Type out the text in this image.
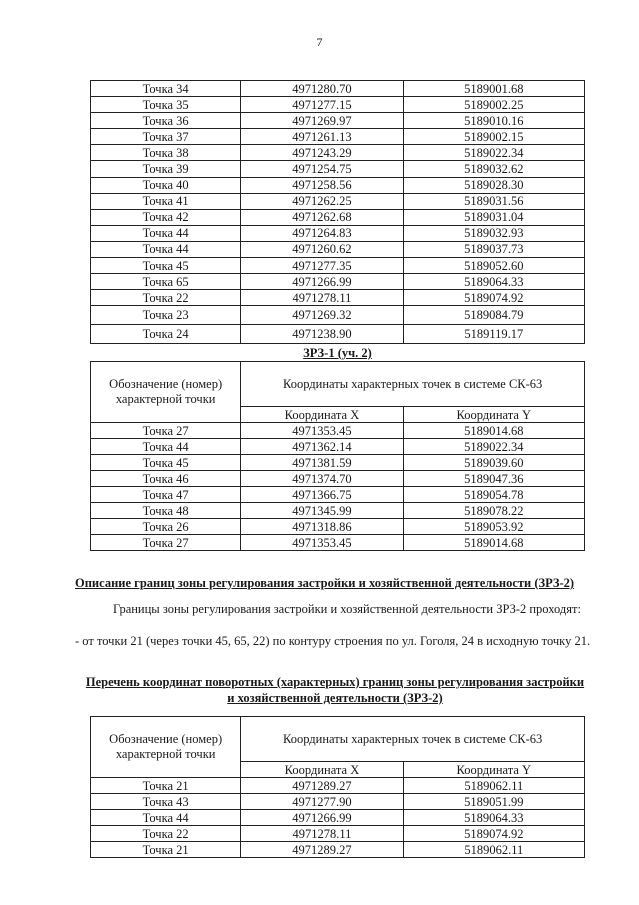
7
Точка 34	4971280.70	5189001.68
Точка 35	4971277.15	5189002.25
Точка 36	4971269.97	5189010.16
Точка 37	4971261.13	5189002.15
Точка 38	4971243.29	5189022.34
Точка 39	4971254.75	5189032.62
Точка 40	4971258.56	5189028.30
Точка 41	4971262.25	5189031.56
Точка 42	4971262.68	5189031.04
Точка 44	4971264.83	5189032.93
Точка 44	4971260.62	5189037.73
Точка 45	4971277.35	5189052.60
Точка 65	4971266.99	5189064.33
Точка 22	4971278.11	5189074.92
Точка 23	4971269.32	5189084.79
Точка 24	4971238.90	5189119.17
ЗРЗ-1 (уч. 2)
Обозначение (номер) характерной точки	Координаты характерных точек в системе СК-63	
	Координата X	Координата Y
Точка 27	4971353.45	5189014.68
Точка 44	4971362.14	5189022.34
Точка 45	4971381.59	5189039.60
Точка 46	4971374.70	5189047.36
Точка 47	4971366.75	5189054.78
Точка 48	4971345.99	5189078.22
Точка 26	4971318.86	5189053.92
Точка 27	4971353.45	5189014.68
Описание границ зоны регулирования застройки и хозяйственной деятельности (ЗРЗ-2)
Границы зоны регулирования застройки и хозяйственной деятельности ЗРЗ-2 проходят:
- от точки 21 (через точки 45, 65, 22) по контуру строения по ул. Гоголя, 24 в исходную точку 21.
Перечень координат поворотных (характерных) границ зоны регулирования застройки
и хозяйственной деятельности (ЗРЗ-2)
Обозначение (номер) характерной точки	Координаты характерных точек в системе СК-63	
	Координата X	Координата Y
Точка 21	4971289.27	5189062.11
Точка 43	4971277.90	5189051.99
Точка 44	4971266.99	5189064.33
Точка 22	4971278.11	5189074.92
Точка 21	4971289.27	5189062.11
